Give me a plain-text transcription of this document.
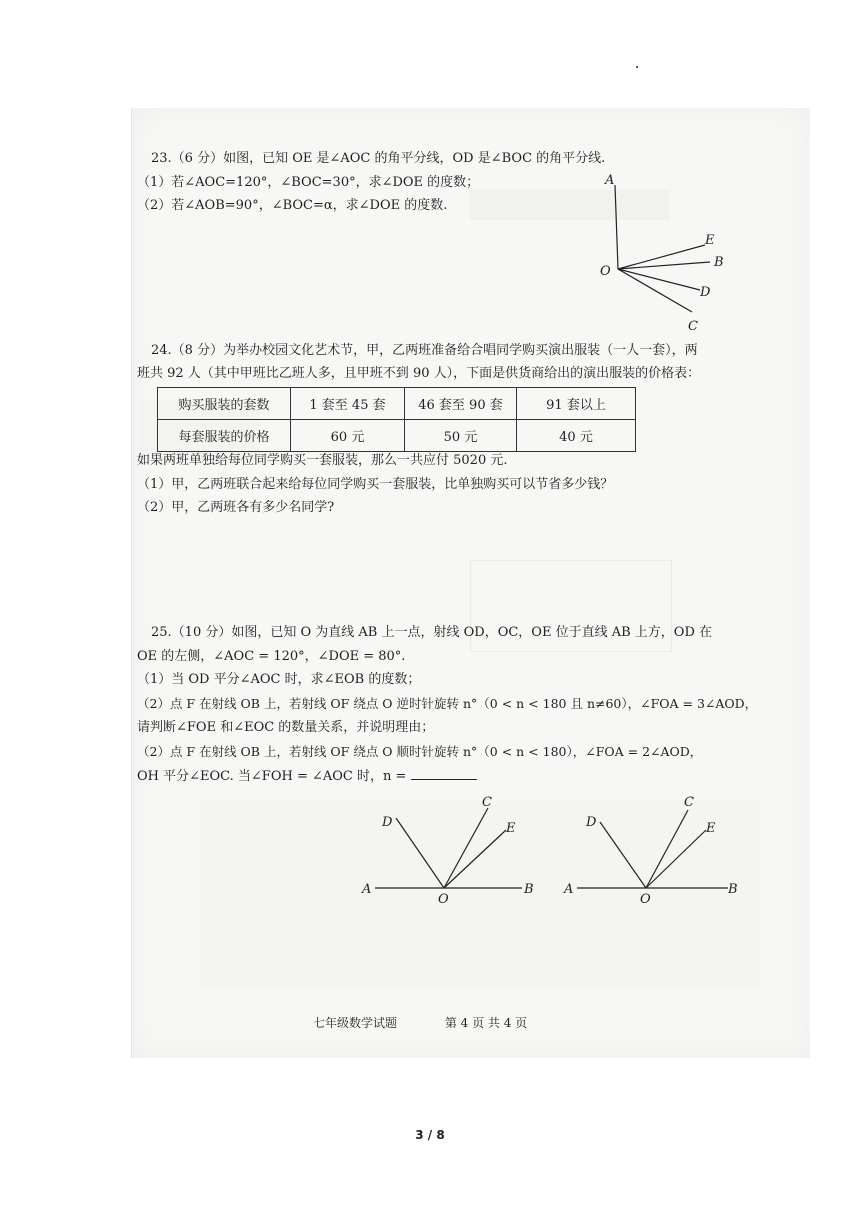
23.（6 分）如图，已知 OE 是∠AOC 的角平分线，OD 是∠BOC 的角平分线.
（1）若∠AOC=120°，∠BOC=30°，求∠DOE 的度数；
（2）若∠AOB=90°，∠BOC=α，求∠DOE 的度数.
A
E
B
O
D
C
24.（8 分）为举办校园文化艺术节，甲，乙两班准备给合唱同学购买演出服装（一人一套），两
班共 92 人（其中甲班比乙班人多，且甲班不到 90 人），下面是供货商给出的演出服装的价格表：
购买服装的套数	1 套至 45 套	46 套至 90 套	91 套以上
每套服装的价格	60 元	50 元	40 元
如果两班单独给每位同学购买一套服装，那么一共应付 5020 元.
（1）甲，乙两班联合起来给每位同学购买一套服装，比单独购买可以节省多少钱？
（2）甲，乙两班各有多少名同学?
25.（10 分）如图，已知 O 为直线 AB 上一点，射线 OD，OC，OE 位于直线 AB 上方，OD 在
OE 的左侧，∠AOC = 120°，∠DOE = 80°.
（1）当 OD 平分∠AOC 时，求∠EOB 的度数；
（2）点 F 在射线 OB 上，若射线 OF 绕点 O 逆时针旋转 n°（0 < n < 180 且 n≠60），∠FOA = 3∠AOD，
请判断∠FOE 和∠EOC 的数量关系，并说明理由；
（2）点 F 在射线 OB 上，若射线 OF 绕点 O 顺时针旋转 n°（0 < n < 180），∠FOA = 2∠AOD，
OH 平分∠EOC. 当∠FOH = ∠AOC 时，n =
A	B
O
D
C
E
A	B
O
D
C
E
七年级数学试题	第 4 页 共 4 页
3 / 8
